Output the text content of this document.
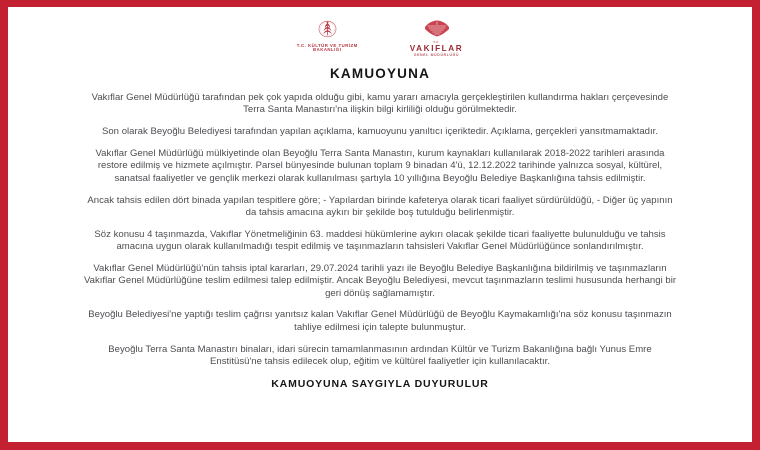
T.C. KÜLTÜR VE TURİZM
BAKANLIĞI
T.C.
VAKIFLAR
GENEL MÜDÜRLÜĞÜ
KAMUOYUNA

Vakıflar Genel Müdürlüğü tarafından pek çok yapıda olduğu gibi, kamu yararı amacıyla gerçekleştirilen kullandırma hakları çerçevesinde Terra Santa Manastırı'na ilişkin bilgi kirliliği olduğu görülmektedir.

Son olarak Beyoğlu Belediyesi tarafından yapılan açıklama, kamuoyunu yanıltıcı içeriktedir. Açıklama, gerçekleri yansıtmamaktadır.

Vakıflar Genel Müdürlüğü mülkiyetinde olan Beyoğlu Terra Santa Manastırı, kurum kaynakları kullanılarak 2018-2022 tarihleri arasında restore edilmiş ve hizmete açılmıştır. Parsel bünyesinde bulunan toplam 9 binadan 4'ü, 12.12.2022 tarihinde yalnızca sosyal, kültürel, sanatsal faaliyetler ve gençlik merkezi olarak kullanılması şartıyla 10 yıllığına Beyoğlu Belediye Başkanlığına tahsis edilmiştir.

Ancak tahsis edilen dört binada yapılan tespitlere göre; - Yapılardan birinde kafeterya olarak ticari faaliyet sürdürüldüğü, - Diğer üç yapının da tahsis amacına aykırı bir şekilde boş tutulduğu belirlenmiştir.

Söz konusu 4 taşınmazda, Vakıflar Yönetmeliğinin 63. maddesi hükümlerine aykırı olacak şekilde ticari faaliyette bulunulduğu ve tahsis amacına uygun olarak kullanılmadığı tespit edilmiş ve taşınmazların tahsisleri Vakıflar Genel Müdürlüğünce sonlandırılmıştır.

Vakıflar Genel Müdürlüğü'nün tahsis iptal kararları, 29.07.2024 tarihli yazı ile Beyoğlu Belediye Başkanlığına bildirilmiş ve taşınmazların Vakıflar Genel Müdürlüğüne teslim edilmesi talep edilmiştir. Ancak Beyoğlu Belediyesi, mevcut taşınmazların teslimi hususunda herhangi bir geri dönüş sağlamamıştır.

Beyoğlu Belediyesi'ne yaptığı teslim çağrısı yanıtsız kalan Vakıflar Genel Müdürlüğü de Beyoğlu Kaymakamlığı'na söz konusu taşınmazın tahliye edilmesi için talepte bulunmuştur.

Beyoğlu Terra Santa Manastırı binaları, idari sürecin tamamlanmasının ardından Kültür ve Turizm Bakanlığına bağlı Yunus Emre Enstitüsü'ne tahsis edilecek olup, eğitim ve kültürel faaliyetler için kullanılacaktır.

KAMUOYUNA SAYGIYLA DUYURULUR
